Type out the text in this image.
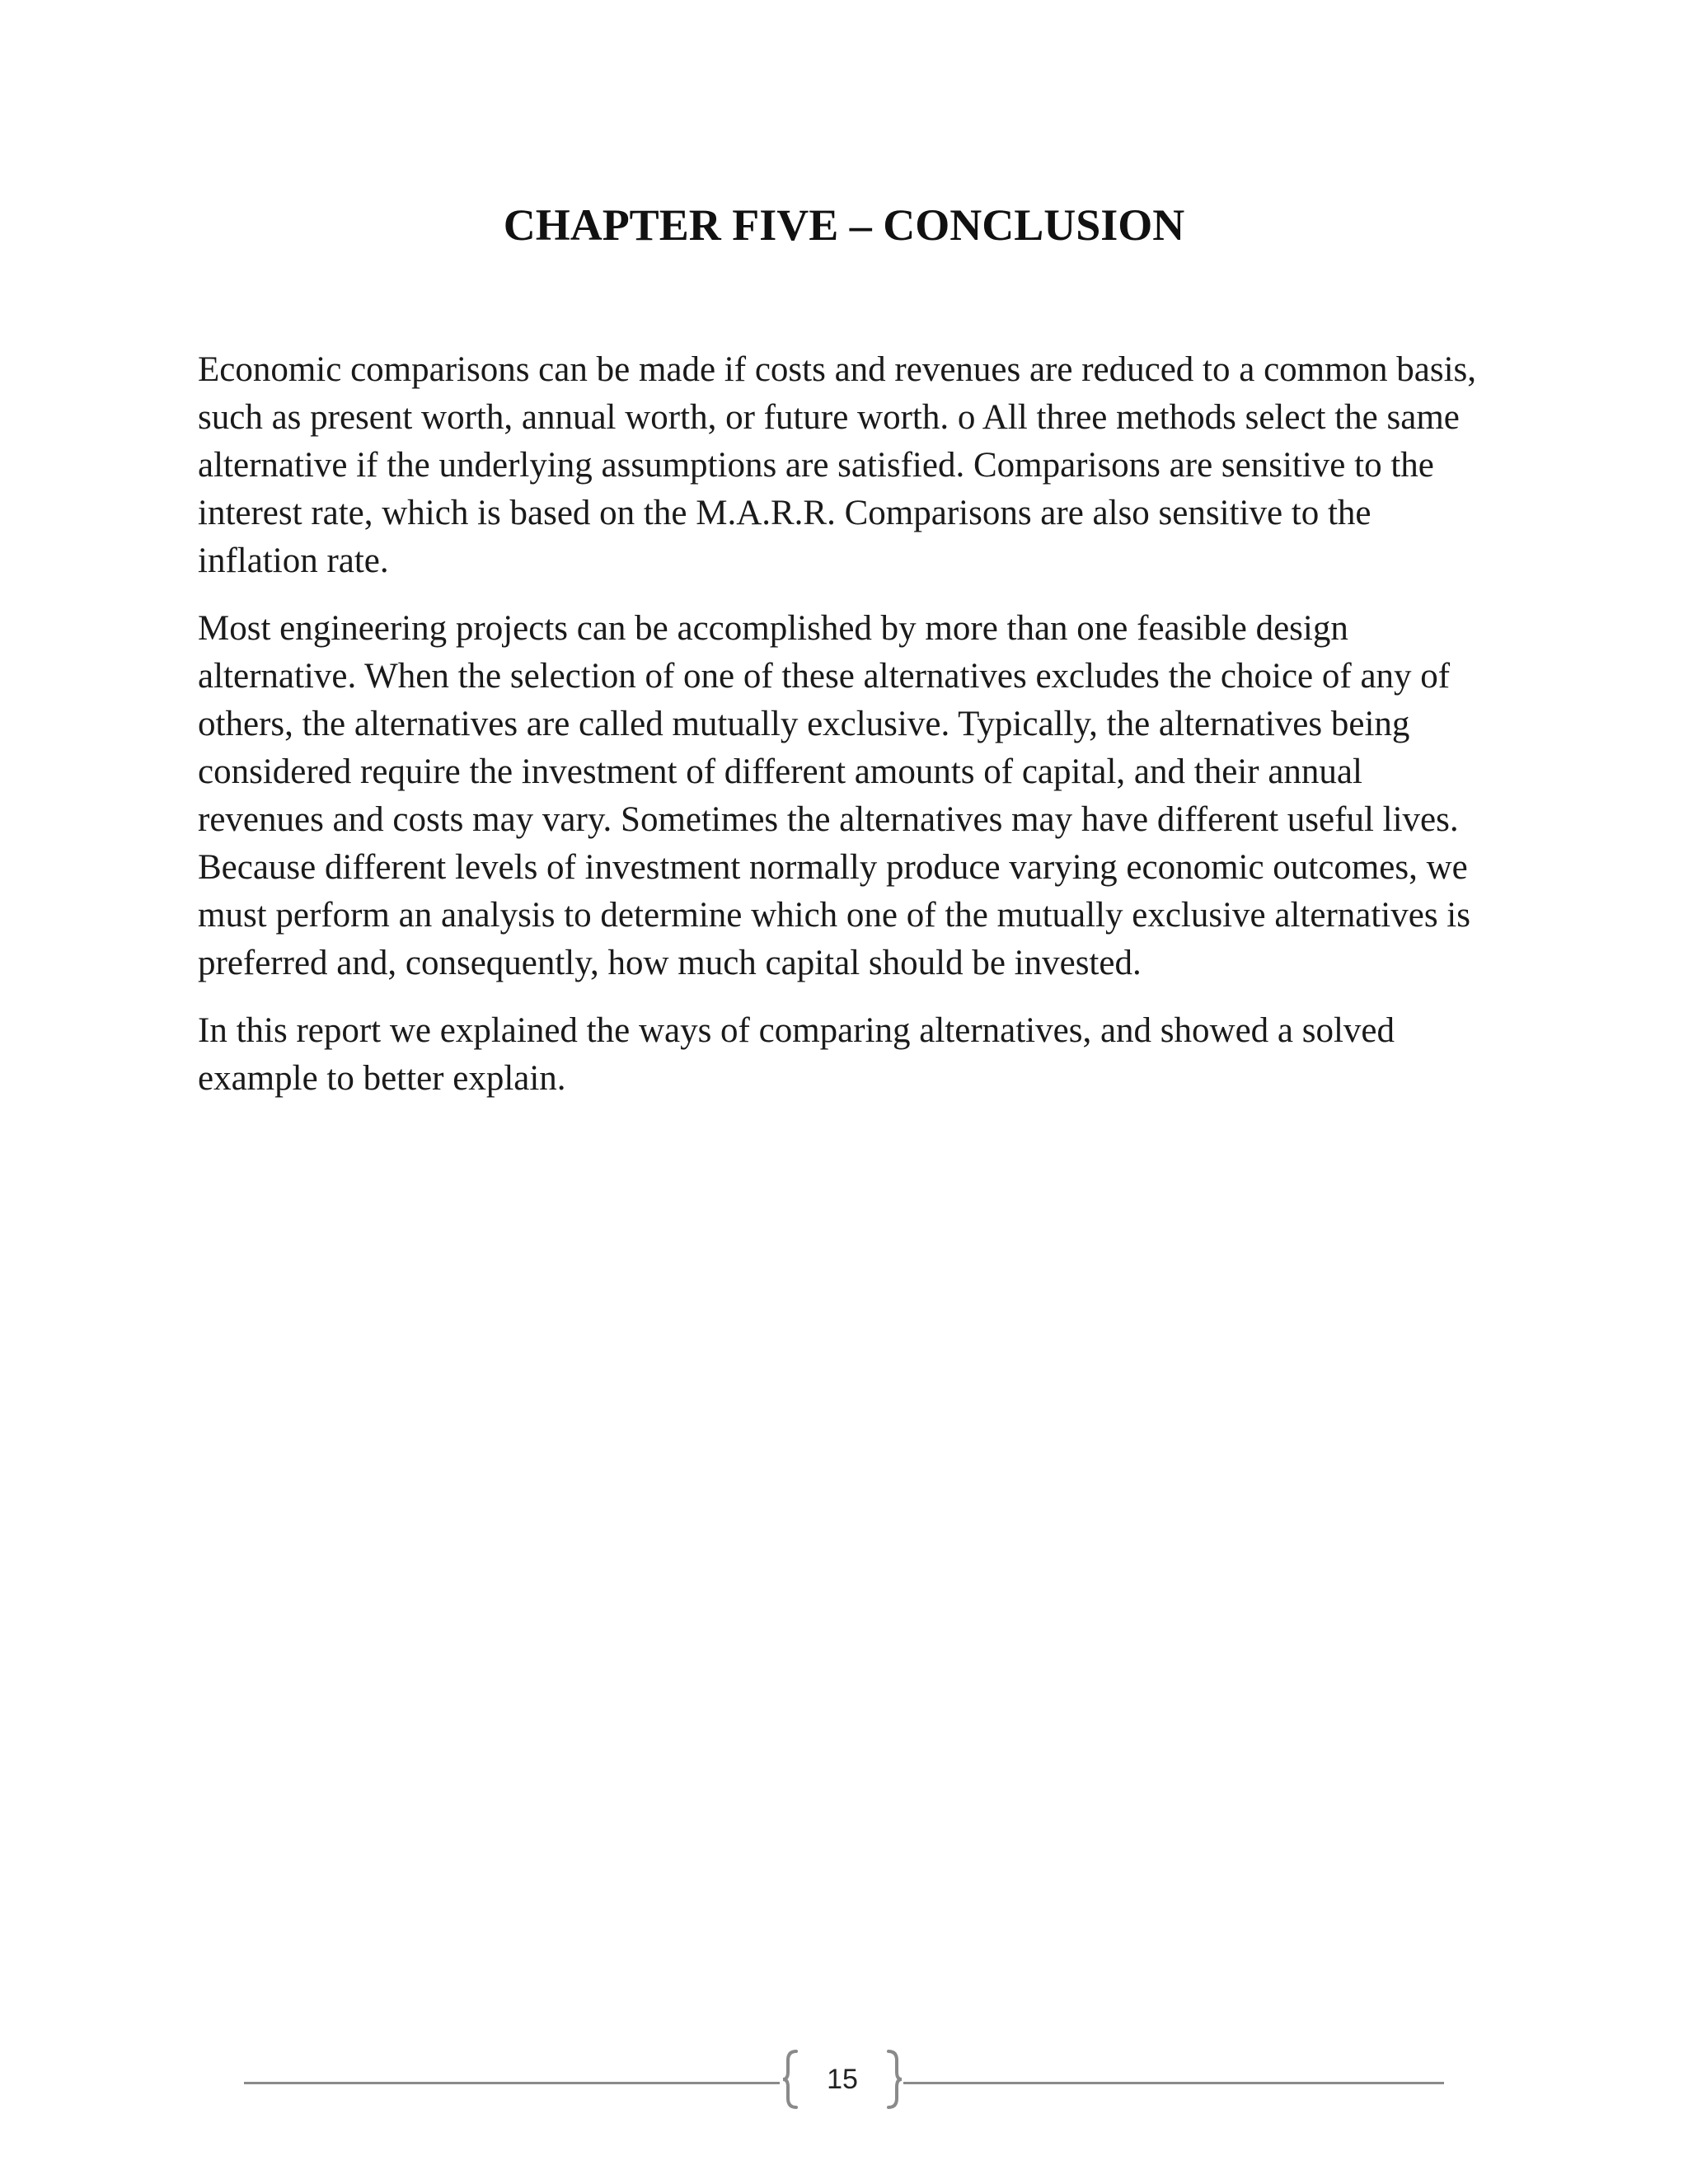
CHAPTER FIVE – CONCLUSION

Economic comparisons can be made if costs and revenues are reduced to a common basis, such as present worth, annual worth, or future worth. o All three methods select the same alternative if the underlying assumptions are satisfied. Comparisons are sensitive to the interest rate, which is based on the M.A.R.R. Comparisons are also sensitive to the inflation rate.

Most engineering projects can be accomplished by more than one feasible design alternative. When the selection of one of these alternatives excludes the choice of any of others, the alternatives are called mutually exclusive. Typically, the alternatives being considered require the investment of different amounts of capital, and their annual revenues and costs may vary. Sometimes the alternatives may have different useful lives. Because different levels of investment normally produce varying economic outcomes, we must perform an analysis to determine which one of the mutually exclusive alternatives is preferred and, consequently, how much capital should be invested.

In this report we explained the ways of comparing alternatives, and showed a solved example to better explain.

15
